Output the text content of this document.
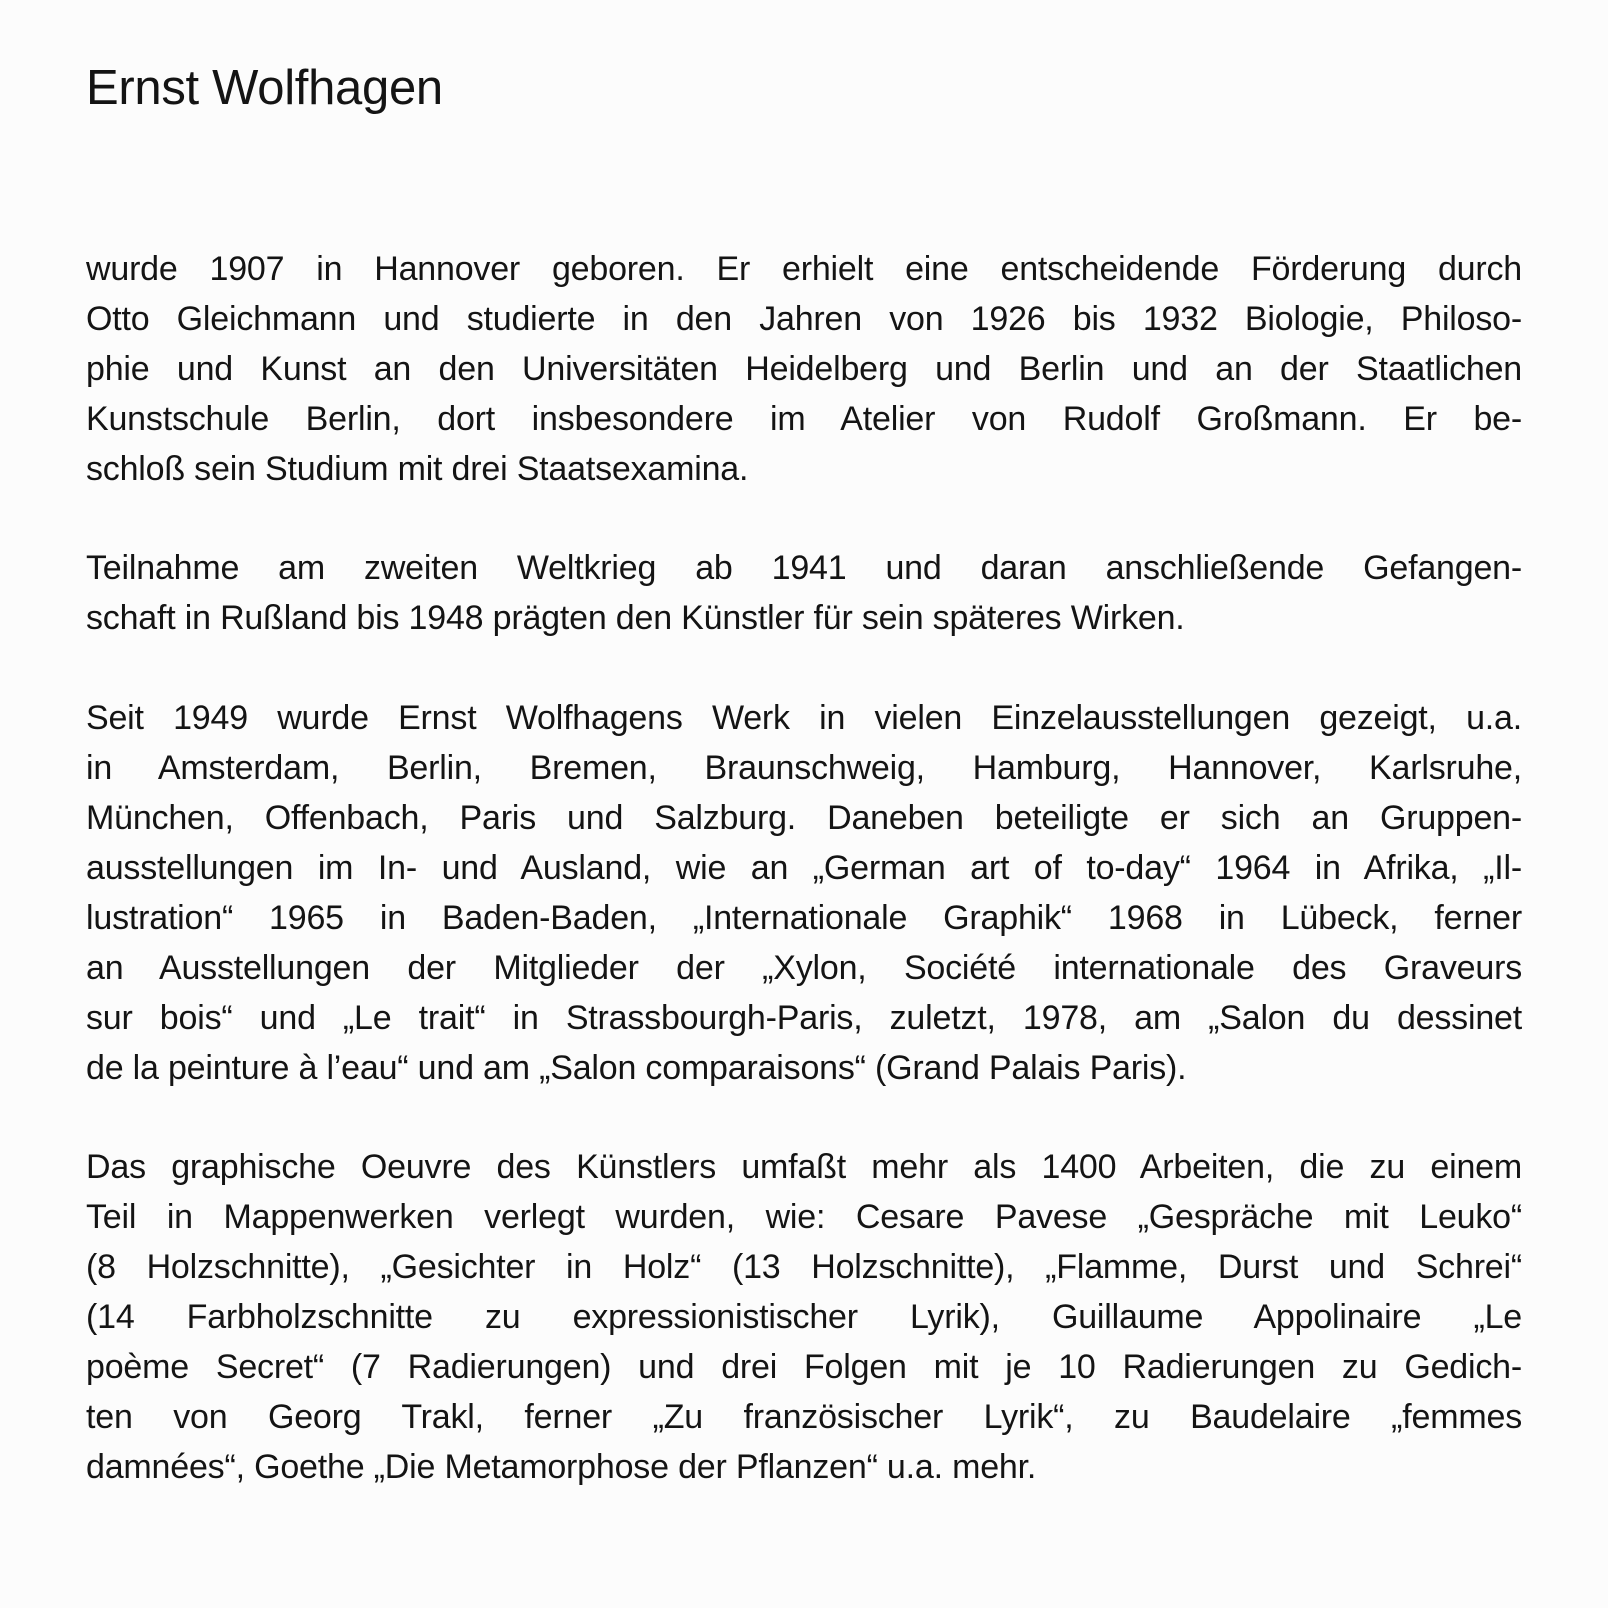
Ernst Wolfhagen

wurde 1907 in Hannover geboren. Er erhielt eine entscheidende Förderung durch
Otto Gleichmann und studierte in den Jahren von 1926 bis 1932 Biologie, Philoso-
phie und Kunst an den Universitäten Heidelberg und Berlin und an der Staatlichen
Kunstschule Berlin, dort insbesondere im Atelier von Rudolf Großmann. Er be-
schloß sein Studium mit drei Staatsexamina.

Teilnahme am zweiten Weltkrieg ab 1941 und daran anschließende Gefangen-
schaft in Rußland bis 1948 prägten den Künstler für sein späteres Wirken.

Seit 1949 wurde Ernst Wolfhagens Werk in vielen Einzelausstellungen gezeigt, u.a.
in Amsterdam, Berlin, Bremen, Braunschweig, Hamburg, Hannover, Karlsruhe,
München, Offenbach, Paris und Salzburg. Daneben beteiligte er sich an Gruppen-
ausstellungen im In- und Ausland, wie an „German art of to-day“ 1964 in Afrika, „Il-
lustration“ 1965 in Baden-Baden, „Internationale Graphik“ 1968 in Lübeck, ferner
an Ausstellungen der Mitglieder der „Xylon, Société internationale des Graveurs
sur bois“ und „Le trait“ in Strassbourgh-Paris, zuletzt, 1978, am „Salon du dessinet
de la peinture à l’eau“ und am „Salon comparaisons“ (Grand Palais Paris).

Das graphische Oeuvre des Künstlers umfaßt mehr als 1400 Arbeiten, die zu einem
Teil in Mappenwerken verlegt wurden, wie: Cesare Pavese „Gespräche mit Leuko“
(8 Holzschnitte), „Gesichter in Holz“ (13 Holzschnitte), „Flamme, Durst und Schrei“
(14 Farbholzschnitte zu expressionistischer Lyrik), Guillaume Appolinaire „Le
poème Secret“ (7 Radierungen) und drei Folgen mit je 10 Radierungen zu Gedich-
ten von Georg Trakl, ferner „Zu französischer Lyrik“, zu Baudelaire „femmes
damnées“, Goethe „Die Metamorphose der Pflanzen“ u.a. mehr.
